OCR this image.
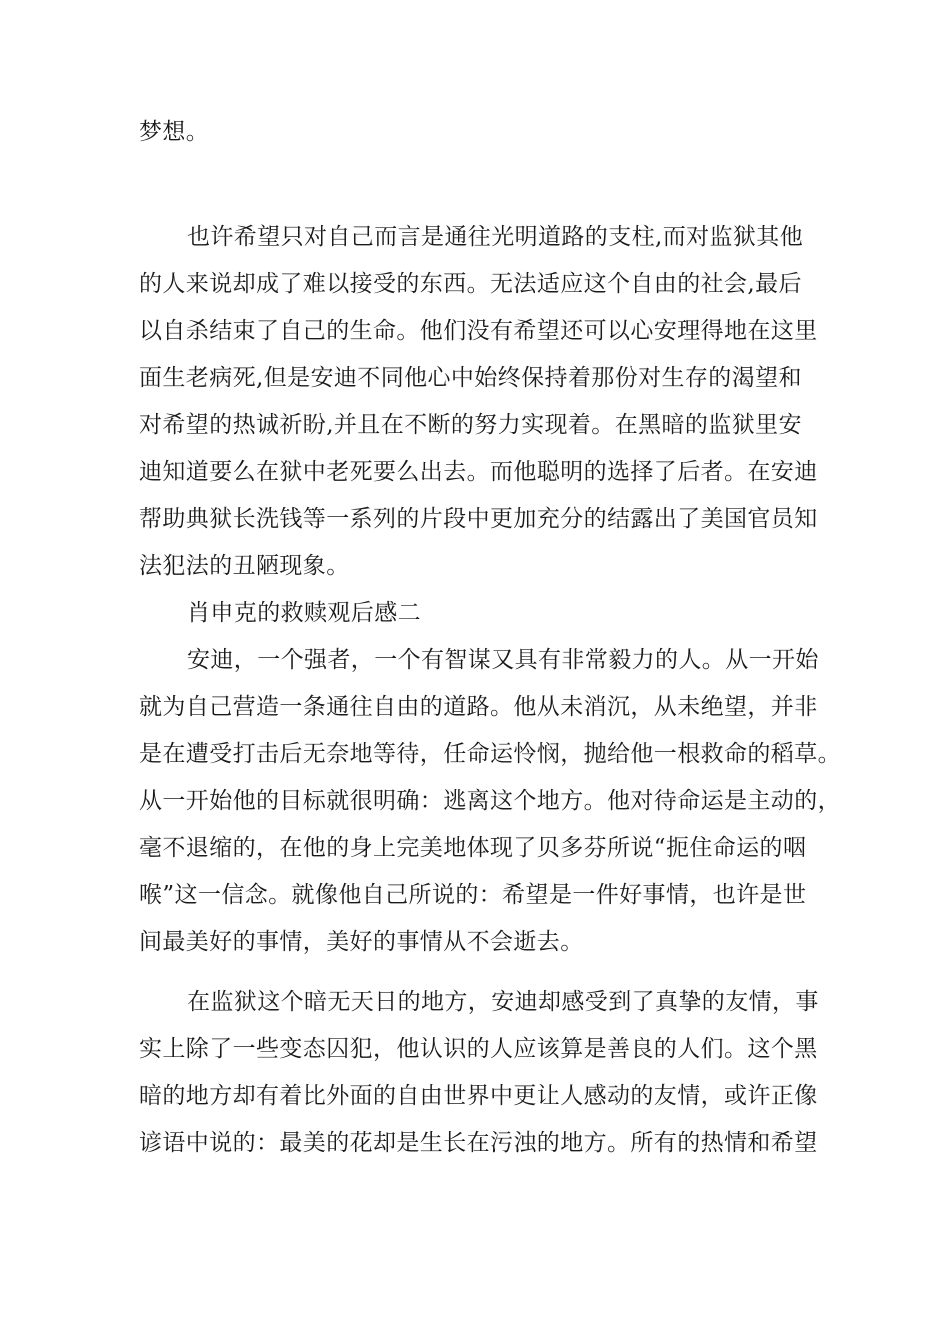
梦想。
也许希望只对自己而言是通往光明道路的支柱,而对监狱其他
的人来说却成了难以接受的东西。无法适应这个自由的社会,最后
以自杀结束了自己的生命。他们没有希望还可以心安理得地在这里
面生老病死,但是安迪不同他心中始终保持着那份对生存的渴望和
对希望的热诚祈盼,并且在不断的努力实现着。在黑暗的监狱里安
迪知道要么在狱中老死要么出去。而他聪明的选择了后者。在安迪
帮助典狱长洗钱等一系列的片段中更加充分的结露出了美国官员知
法犯法的丑陋现象。
肖申克的救赎观后感二
安迪，一个强者，一个有智谋又具有非常毅力的人。从一开始
就为自己营造一条通往自由的道路。他从未消沉，从未绝望，并非
是在遭受打击后无奈地等待，任命运怜悯，抛给他一根救命的稻草。
从一开始他的目标就很明确：逃离这个地方。他对待命运是主动的，
毫不退缩的，在他的身上完美地体现了贝多芬所说“扼住命运的咽
喉”这一信念。就像他自己所说的：希望是一件好事情，也许是世
间最美好的事情，美好的事情从不会逝去。
在监狱这个暗无天日的地方，安迪却感受到了真挚的友情，事
实上除了一些变态囚犯，他认识的人应该算是善良的人们。这个黑
暗的地方却有着比外面的自由世界中更让人感动的友情，或许正像
谚语中说的：最美的花却是生长在污浊的地方。所有的热情和希望
